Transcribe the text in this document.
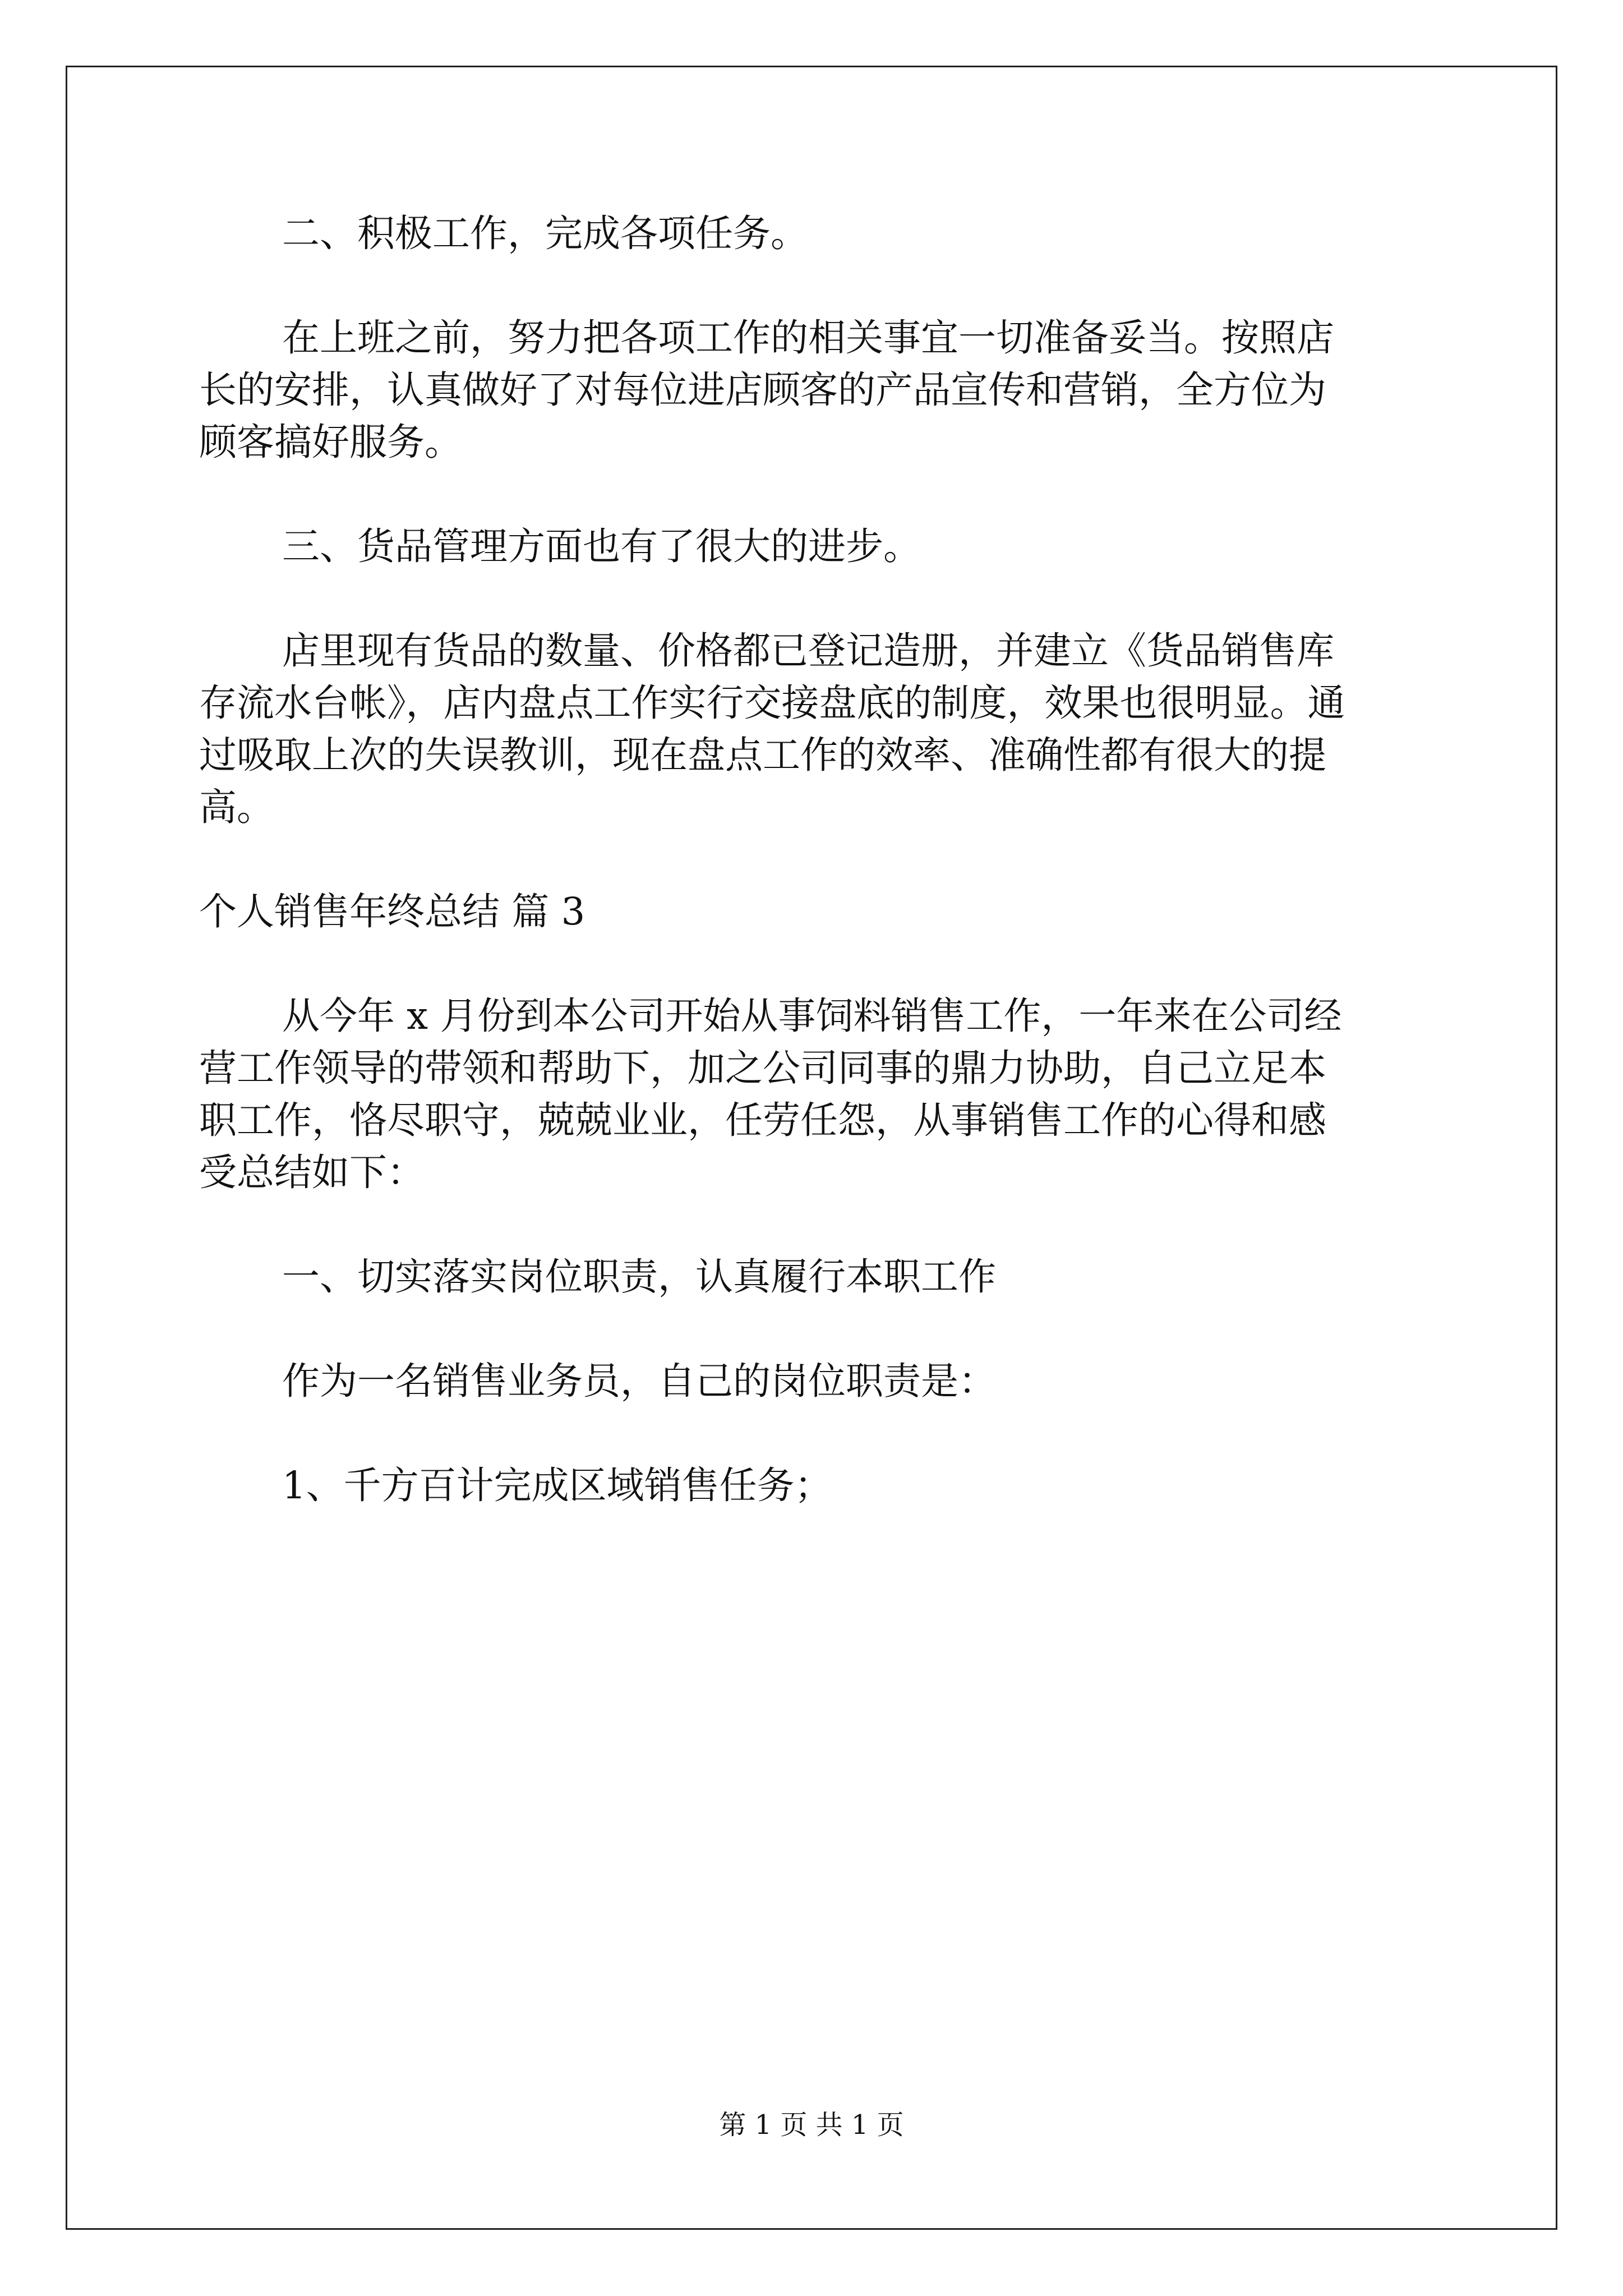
二、积极工作，完成各项任务。

在上班之前，努力把各项工作的相关事宜一切准备妥当。按照店

长的安排，认真做好了对每位进店顾客的产品宣传和营销，全方位为

顾客搞好服务。

三、货品管理方面也有了很大的进步。

店里现有货品的数量、价格都已登记造册，并建立《货品销售库

存流水台帐》，店内盘点工作实行交接盘底的制度，效果也很明显。通

过吸取上次的失误教训，现在盘点工作的效率、准确性都有很大的提

高。

个人销售年终总结 篇 3

从今年 x 月份到本公司开始从事饲料销售工作，一年来在公司经

营工作领导的带领和帮助下，加之公司同事的鼎力协助，自己立足本

职工作，恪尽职守，兢兢业业，任劳任怨，从事销售工作的心得和感

受总结如下：

一、切实落实岗位职责，认真履行本职工作

作为一名销售业务员，自己的岗位职责是：

1、千方百计完成区域销售任务；

第 1 页 共 1 页
